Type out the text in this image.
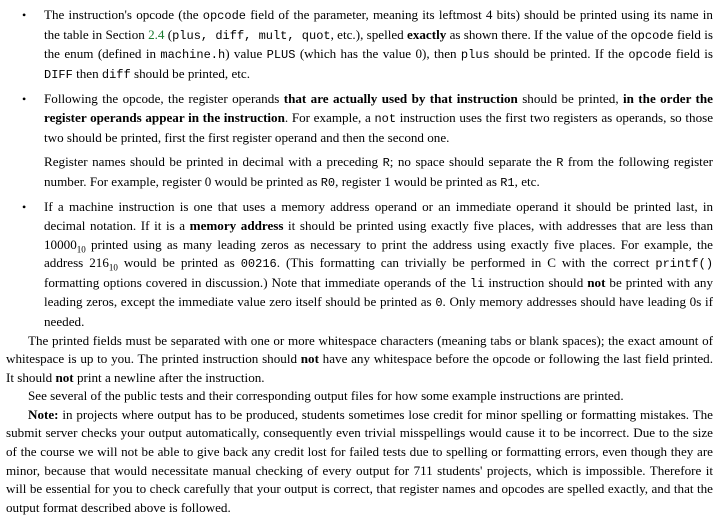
• The instruction's opcode (the opcode field of the parameter, meaning its leftmost 4 bits) should be printed using its name in the table in Section 2.4 (plus, diff, mult, quot, etc.), spelled exactly as shown there. If the value of the opcode field is the enum (defined in machine.h) value PLUS (which has the value 0), then plus should be printed. If the opcode field is DIFF then diff should be printed, etc.

• Following the opcode, the register operands that are actually used by that instruction should be printed, in the order the register operands appear in the instruction. For example, a not instruction uses the first two registers as operands, so those two should be printed, first the first register operand and then the second one.

Register names should be printed in decimal with a preceding R; no space should separate the R from the following register number. For example, register 0 would be printed as R0, register 1 would be printed as R1, etc.

• If a machine instruction is one that uses a memory address operand or an immediate operand it should be printed last, in decimal notation. If it is a memory address it should be printed using exactly five places, with addresses that are less than $10000_{10}$ printed using as many leading zeros as necessary to print the address using exactly five places. For example, the address $216_{10}$ would be printed as 00216. (This formatting can trivially be performed in C with the correct printf() formatting options covered in discussion.) Note that immediate operands of the li instruction should not be printed with any leading zeros, except the immediate value zero itself should be printed as 0. Only memory addresses should have leading 0s if needed.

The printed fields must be separated with one or more whitespace characters (meaning tabs or blank spaces); the exact amount of whitespace is up to you. The printed instruction should not have any whitespace before the opcode or following the last field printed. It should not print a newline after the instruction.

See several of the public tests and their corresponding output files for how some example instructions are printed.

Note: in projects where output has to be produced, students sometimes lose credit for minor spelling or formatting mistakes. The submit server checks your output automatically, consequently even trivial misspellings would cause it to be incorrect. Due to the size of the course we will not be able to give back any credit lost for failed tests due to spelling or formatting errors, even though they are minor, because that would necessitate manual checking of every output for 711 students' projects, which is impossible. Therefore it will be essential for you to check carefully that your output is correct, that register names and opcodes are spelled exactly, and that the output format described above is followed.
